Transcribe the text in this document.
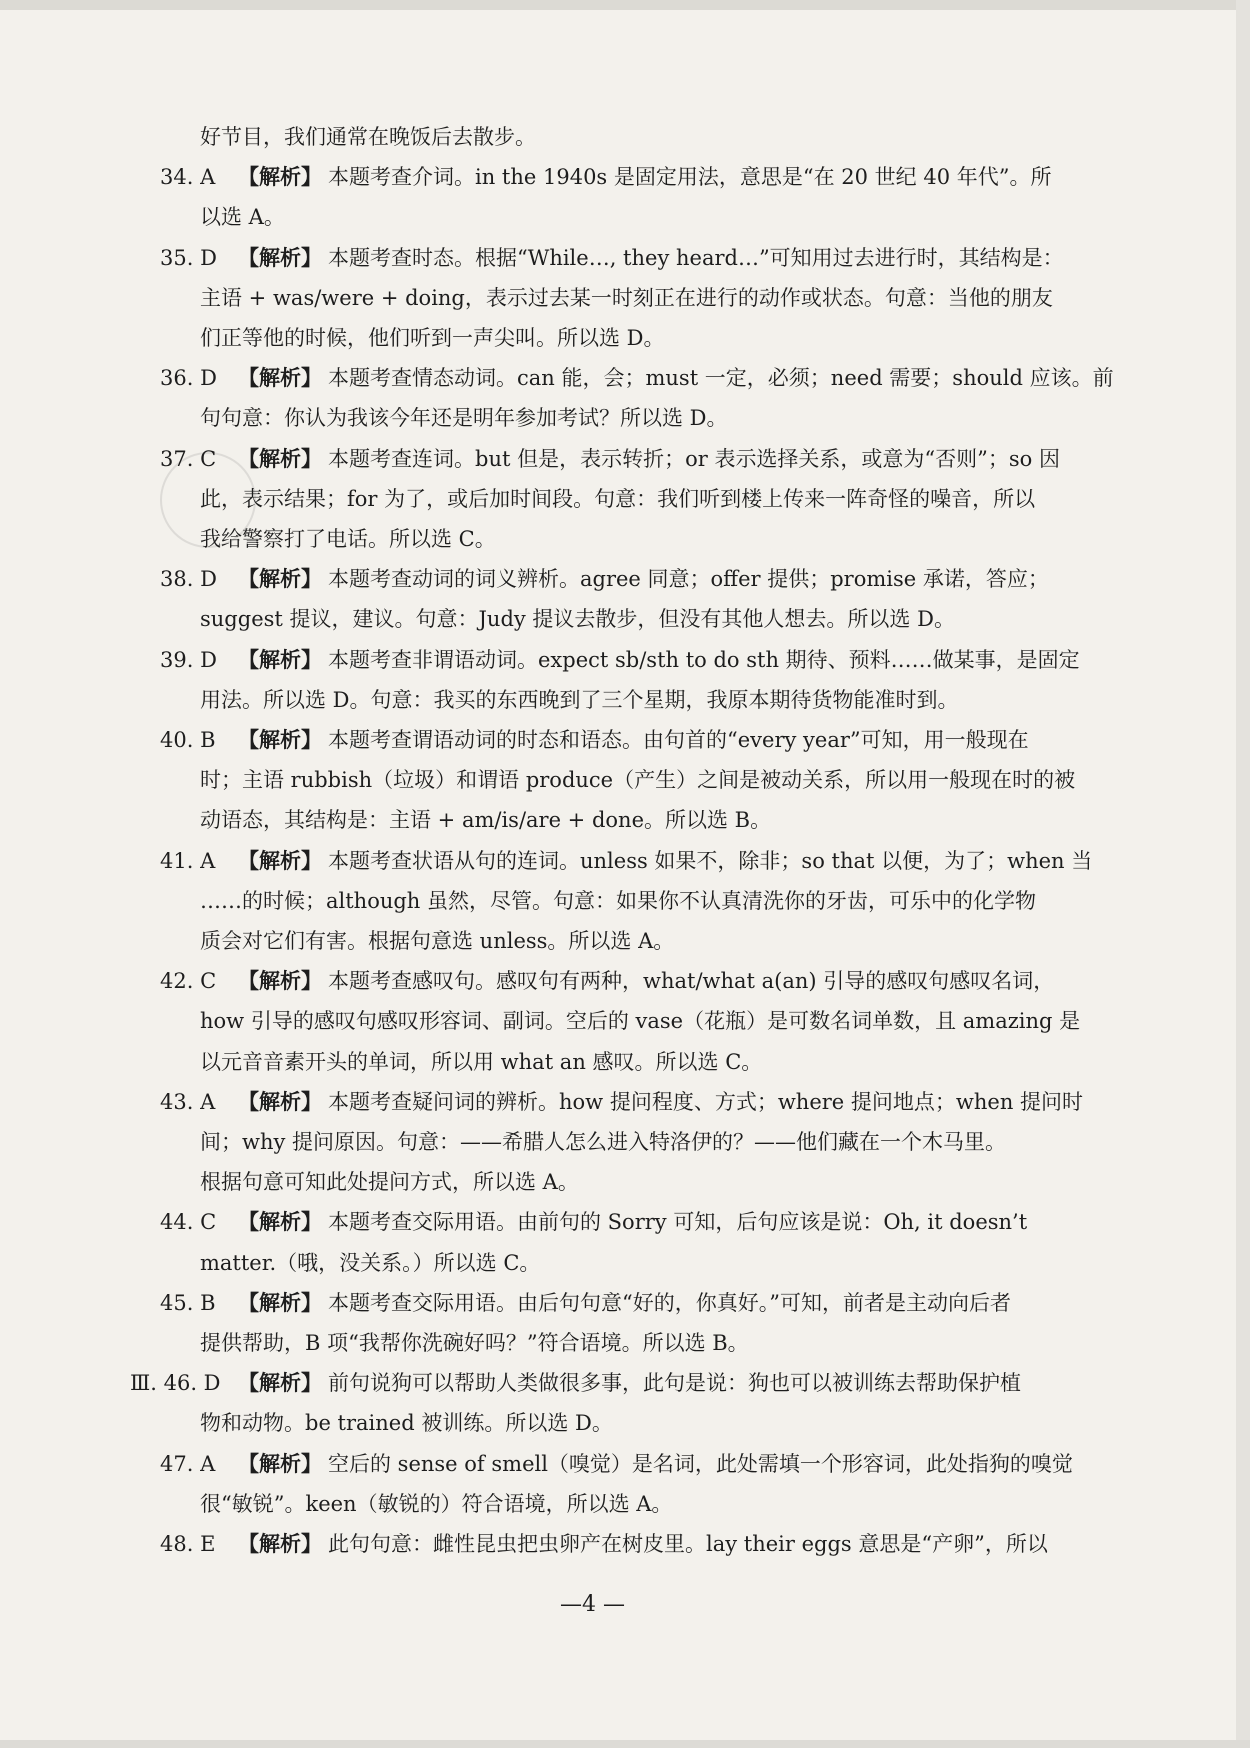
好节目，我们通常在晚饭后去散步。
34. A 【解析】 本题考查介词。in the 1940s 是固定用法，意思是“在 20 世纪 40 年代”。所
以选 A。
35. D 【解析】 本题考查时态。根据“While…, they heard…”可知用过去进行时，其结构是：
主语 + was/were + doing，表示过去某一时刻正在进行的动作或状态。句意：当他的朋友
们正等他的时候，他们听到一声尖叫。所以选 D。
36. D 【解析】 本题考查情态动词。can 能，会；must 一定，必须；need 需要；should 应该。前
句句意：你认为我该今年还是明年参加考试？所以选 D。
37. C 【解析】 本题考查连词。but 但是，表示转折；or 表示选择关系，或意为“否则”；so 因
此，表示结果；for 为了，或后加时间段。句意：我们听到楼上传来一阵奇怪的噪音，所以
我给警察打了电话。所以选 C。
38. D 【解析】 本题考查动词的词义辨析。agree 同意；offer 提供；promise 承诺，答应；
suggest 提议，建议。句意：Judy 提议去散步，但没有其他人想去。所以选 D。
39. D 【解析】 本题考查非谓语动词。expect sb/sth to do sth 期待、预料……做某事，是固定
用法。所以选 D。句意：我买的东西晚到了三个星期，我原本期待货物能准时到。
40. B 【解析】 本题考查谓语动词的时态和语态。由句首的“every year”可知，用一般现在
时；主语 rubbish（垃圾）和谓语 produce（产生）之间是被动关系，所以用一般现在时的被
动语态，其结构是：主语 + am/is/are + done。所以选 B。
41. A 【解析】 本题考查状语从句的连词。unless 如果不，除非；so that 以便，为了；when 当
……的时候；although 虽然，尽管。句意：如果你不认真清洗你的牙齿，可乐中的化学物
质会对它们有害。根据句意选 unless。所以选 A。
42. C 【解析】 本题考查感叹句。感叹句有两种，what/what a(an) 引导的感叹句感叹名词，
how 引导的感叹句感叹形容词、副词。空后的 vase（花瓶）是可数名词单数，且 amazing 是
以元音音素开头的单词，所以用 what an 感叹。所以选 C。
43. A 【解析】 本题考查疑问词的辨析。how 提问程度、方式；where 提问地点；when 提问时
间；why 提问原因。句意：——希腊人怎么进入特洛伊的？——他们藏在一个木马里。
根据句意可知此处提问方式，所以选 A。
44. C 【解析】 本题考查交际用语。由前句的 Sorry 可知，后句应该是说：Oh, it doesn’t
matter.（哦，没关系。）所以选 C。
45. B 【解析】 本题考查交际用语。由后句句意“好的，你真好。”可知，前者是主动向后者
提供帮助，B 项“我帮你洗碗好吗？”符合语境。所以选 B。
Ⅲ. 46. D 【解析】 前句说狗可以帮助人类做很多事，此句是说：狗也可以被训练去帮助保护植
物和动物。be trained 被训练。所以选 D。
47. A 【解析】 空后的 sense of smell（嗅觉）是名词，此处需填一个形容词，此处指狗的嗅觉
很“敏锐”。keen（敏锐的）符合语境，所以选 A。
48. E 【解析】 此句句意：雌性昆虫把虫卵产在树皮里。lay their eggs 意思是“产卵”，所以
—4 —
